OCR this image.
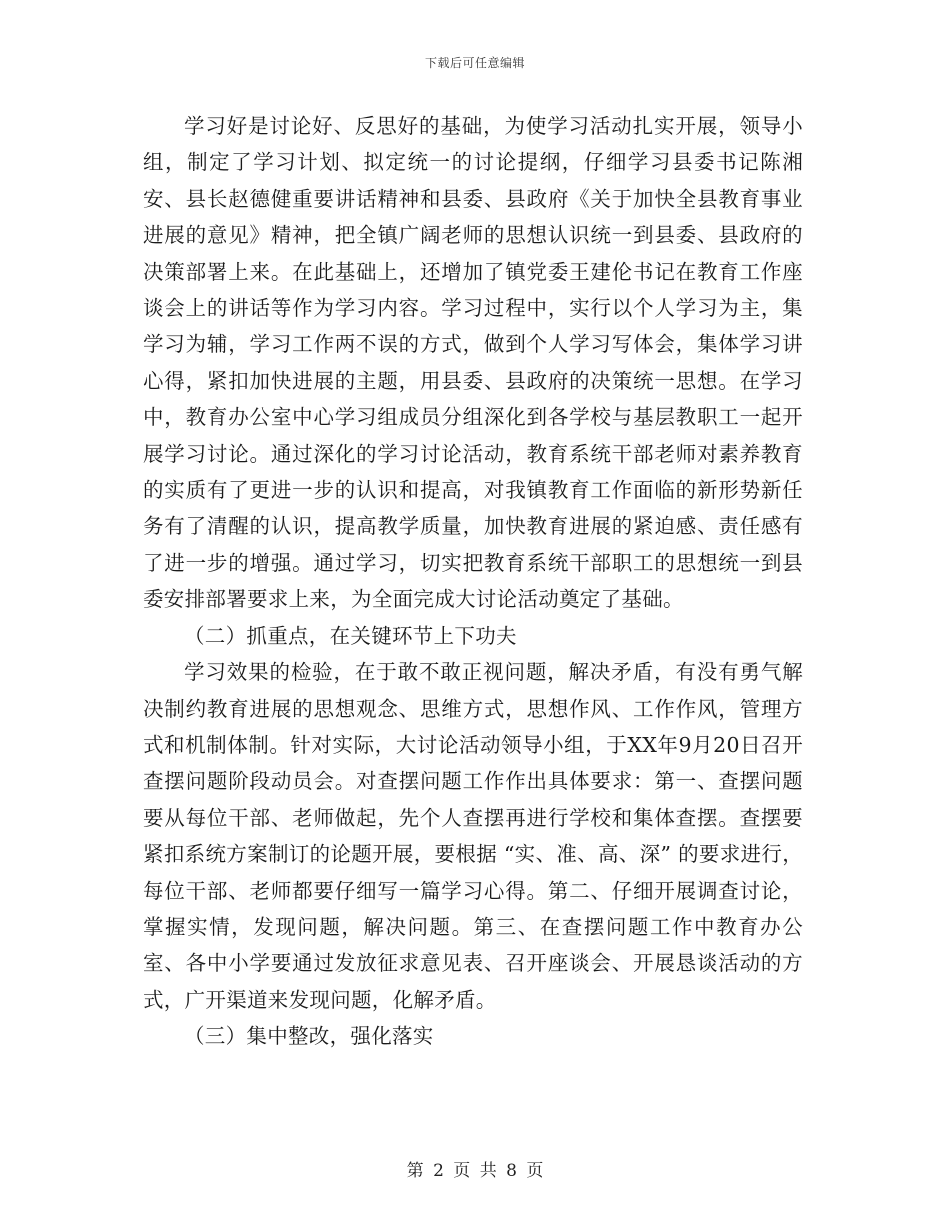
下载后可任意编辑

学习好是讨论好、反思好的基础，为使学习活动扎实开展，领导小组，制定了学习计划、拟定统一的讨论提纲，仔细学习县委书记陈湘安、县长赵德健重要讲话精神和县委、县政府《关于加快全县教育事业进展的意见》精神，把全镇广阔老师的思想认识统一到县委、县政府的决策部署上来。在此基础上，还增加了镇党委王建伦书记在教育工作座谈会上的讲话等作为学习内容。学习过程中，实行以个人学习为主，集学习为辅，学习工作两不误的方式，做到个人学习写体会，集体学习讲心得，紧扣加快进展的主题，用县委、县政府的决策统一思想。在学习中，教育办公室中心学习组成员分组深化到各学校与基层教职工一起开展学习讨论。通过深化的学习讨论活动，教育系统干部老师对素养教育的实质有了更进一步的认识和提高，对我镇教育工作面临的新形势新任务有了清醒的认识，提高教学质量，加快教育进展的紧迫感、责任感有了进一步的增强。通过学习，切实把教育系统干部职工的思想统一到县委安排部署要求上来，为全面完成大讨论活动奠定了基础。

（二）抓重点，在关键环节上下功夫

学习效果的检验，在于敢不敢正视问题，解决矛盾，有没有勇气解决制约教育进展的思想观念、思维方式，思想作风、工作作风，管理方式和机制体制。针对实际，大讨论活动领导小组，于XX年9月20日召开查摆问题阶段动员会。对查摆问题工作作出具体要求：第一、查摆问题要从每位干部、老师做起，先个人查摆再进行学校和集体查摆。查摆要紧扣系统方案制订的论题开展，要根据 “实、准、高、深” 的要求进行，每位干部、老师都要仔细写一篇学习心得。第二、仔细开展调查讨论，掌握实情，发现问题，解决问题。第三、在查摆问题工作中教育办公室、各中小学要通过发放征求意见表、召开座谈会、开展恳谈活动的方式，广开渠道来发现问题，化解矛盾。

（三）集中整改，强化落实

第 2 页 共 8 页
